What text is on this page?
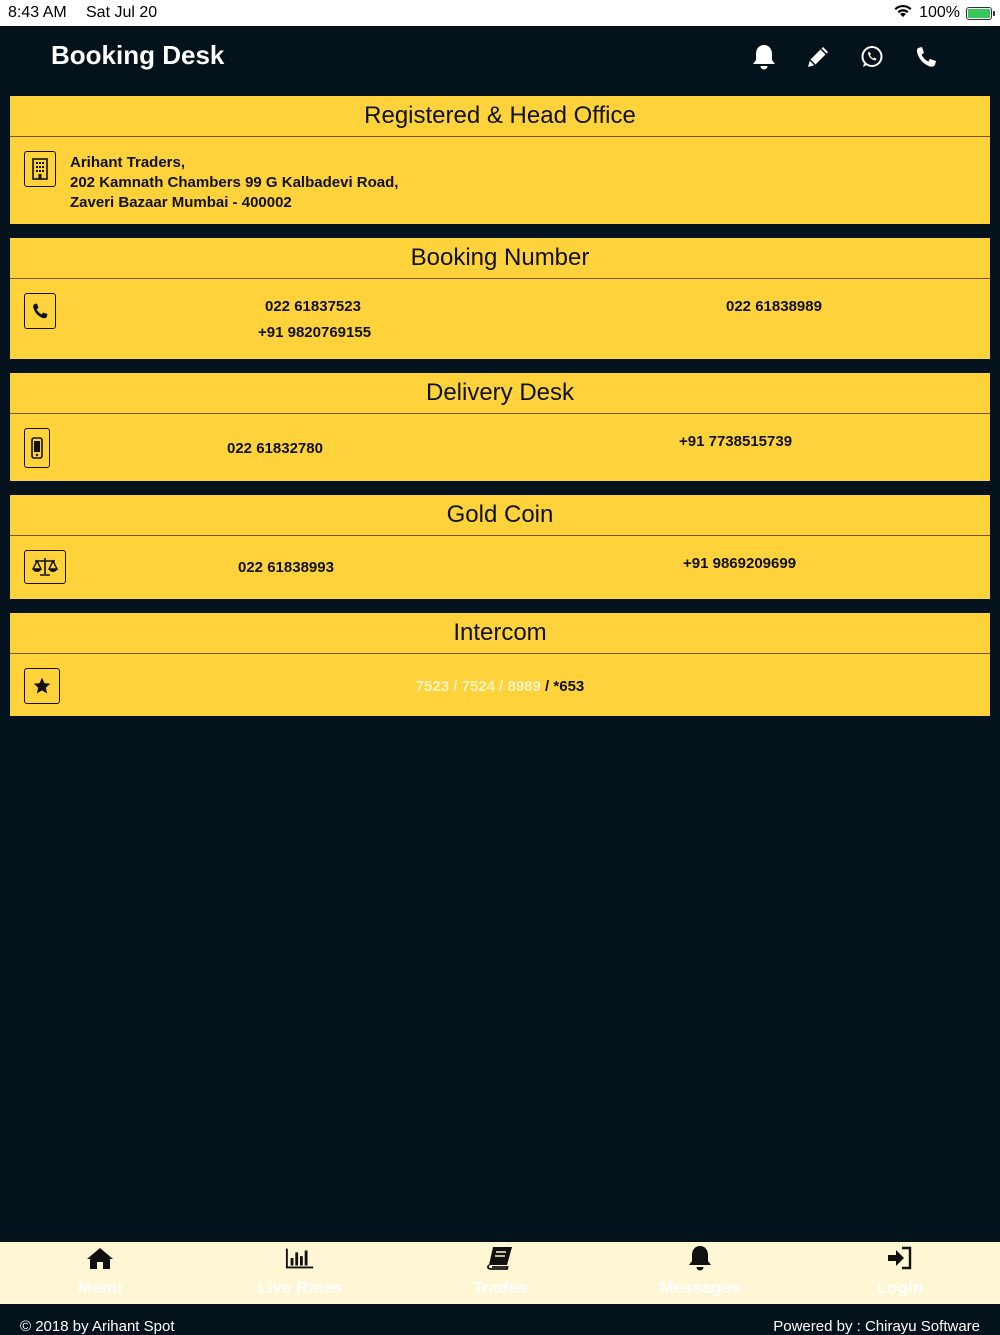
8:43 AM Sat Jul 20	100%
Booking Desk
Registered & Head Office
Arihant Traders,
202 Kamnath Chambers 99 G Kalbadevi Road,
Zaveri Bazaar Mumbai - 400002
Booking Number
022 61837523
+91 9820769155
022 61838989
Delivery Desk
022 61832780	+91 7738515739
Gold Coin
022 61838993	+91 9869209699
Intercom
7523 / 7524 / 8989 / *653
Menu	Live Rates	Trades	Messages	Login
© 2018 by Arihant Spot	Powered by : Chirayu Software
